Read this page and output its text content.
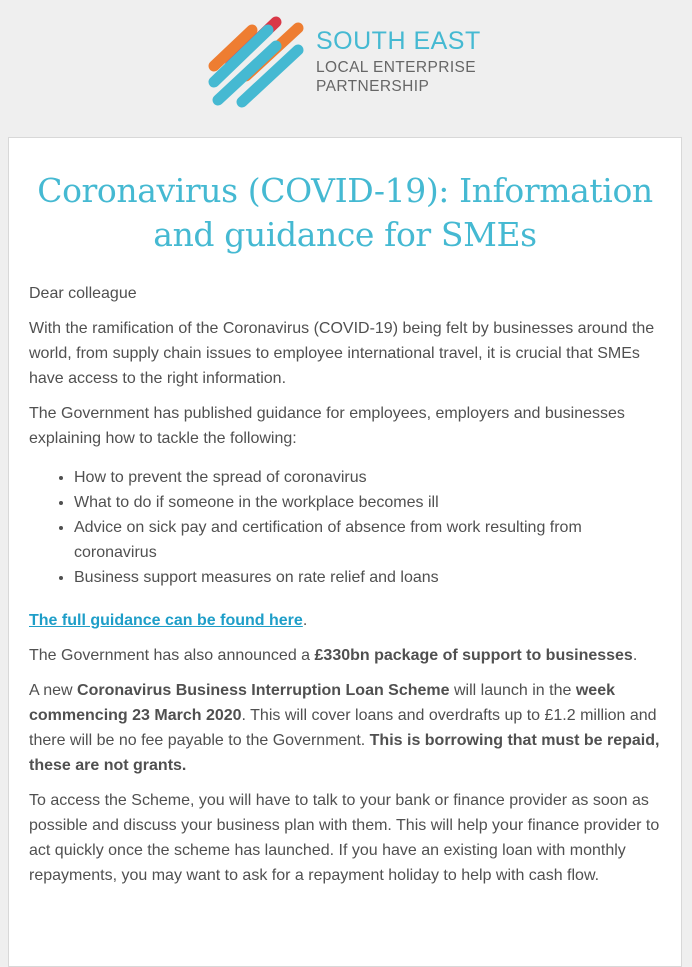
SOUTH EAST
LOCAL ENTERPRISE
PARTNERSHIP
Coronavirus (COVID-19): Information and guidance for SMEs

Dear colleague

With the ramification of the Coronavirus (COVID-19) being felt by businesses around the world, from supply chain issues to employee international travel, it is crucial that SMEs have access to the right information.

The Government has published guidance for employees, employers and businesses explaining how to tackle the following:

• How to prevent the spread of coronavirus
• What to do if someone in the workplace becomes ill
• Advice on sick pay and certification of absence from work resulting from coronavirus
• Business support measures on rate relief and loans

The full guidance can be found here.

The Government has also announced a £330bn package of support to businesses.

A new Coronavirus Business Interruption Loan Scheme will launch in the week commencing 23 March 2020. This will cover loans and overdrafts up to £1.2 million and there will be no fee payable to the Government. This is borrowing that must be repaid, these are not grants.

To access the Scheme, you will have to talk to your bank or finance provider as soon as possible and discuss your business plan with them. This will help your finance provider to act quickly once the scheme has launched. If you have an existing loan with monthly repayments, you may want to ask for a repayment holiday to help with cash flow.
